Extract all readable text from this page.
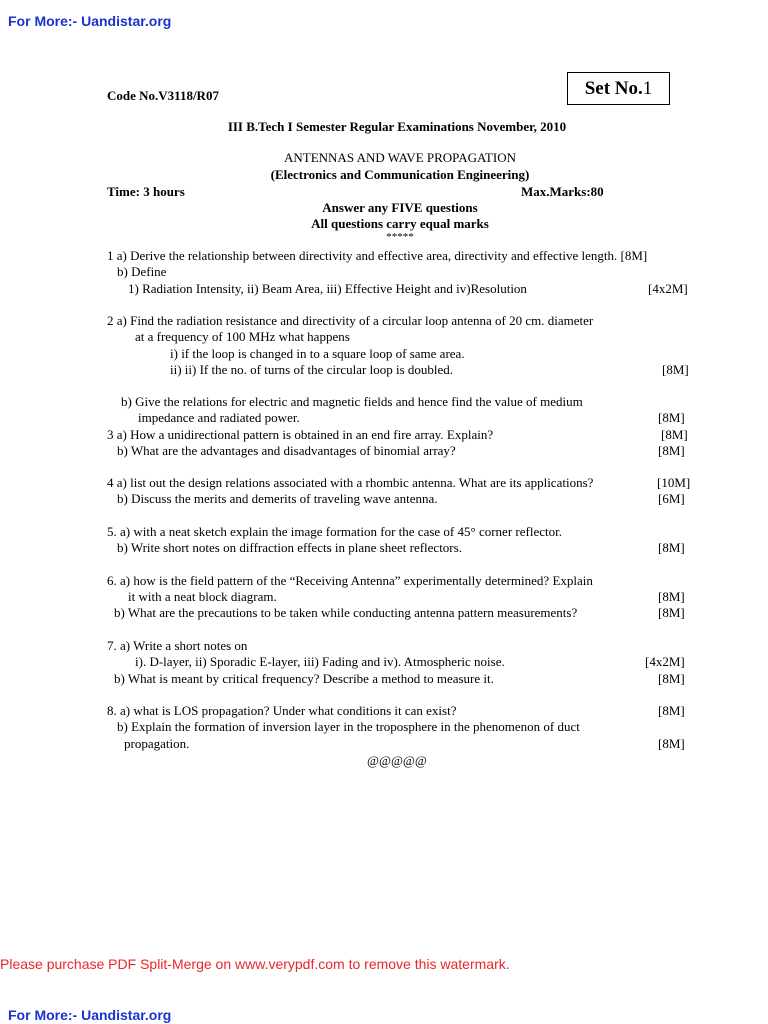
For More:- Uandistar.org
Code No.V3118/R07	Set No. 1
III B.Tech I Semester Regular Examinations November, 2010
ANTENNAS AND WAVE PROPAGATION
(Electronics and Communication Engineering)
Time: 3 hours	Max.Marks:80
Answer any FIVE questions
All questions carry equal marks
*****
1 a) Derive the relationship between directivity and effective area, directivity and effective length. [8M]
b) Define
1) Radiation Intensity, ii) Beam Area, iii) Effective Height and iv)Resolution	[4x2M]
2 a) Find the radiation resistance and directivity of a circular loop antenna of 20 cm. diameter
at a frequency of 100 MHz what happens
i) if the loop is changed in to a square loop of same area.
ii) ii) If the no. of turns of the circular loop is doubled.	[8M]
b) Give the relations for electric and magnetic fields and hence find the value of medium
impedance and radiated power.	[8M]
3 a) How a unidirectional pattern is obtained in an end fire array. Explain?	[8M]
b) What are the advantages and disadvantages of binomial array?	[8M]
4 a) list out the design relations associated with a rhombic antenna. What are its applications?	[10M]
b) Discuss the merits and demerits of traveling wave antenna.	[6M]
5. a) with a neat sketch explain the image formation for the case of 45° corner reflector.
b) Write short notes on diffraction effects in plane sheet reflectors.	[8M]
6. a) how is the field pattern of the “Receiving Antenna” experimentally determined? Explain
it with a neat block diagram.	[8M]
b) What are the precautions to be taken while conducting antenna pattern measurements?	[8M]
7. a) Write a short notes on
i). D-layer, ii) Sporadic E-layer, iii) Fading and iv). Atmospheric noise.	[4x2M]
b) What is meant by critical frequency? Describe a method to measure it.	[8M]
8. a) what is LOS propagation? Under what conditions it can exist?	[8M]
b) Explain the formation of inversion layer in the troposphere in the phenomenon of duct
propagation.	[8M]
@@@@@
Please purchase PDF Split-Merge on www.verypdf.com to remove this watermark.
For More:- Uandistar.org
